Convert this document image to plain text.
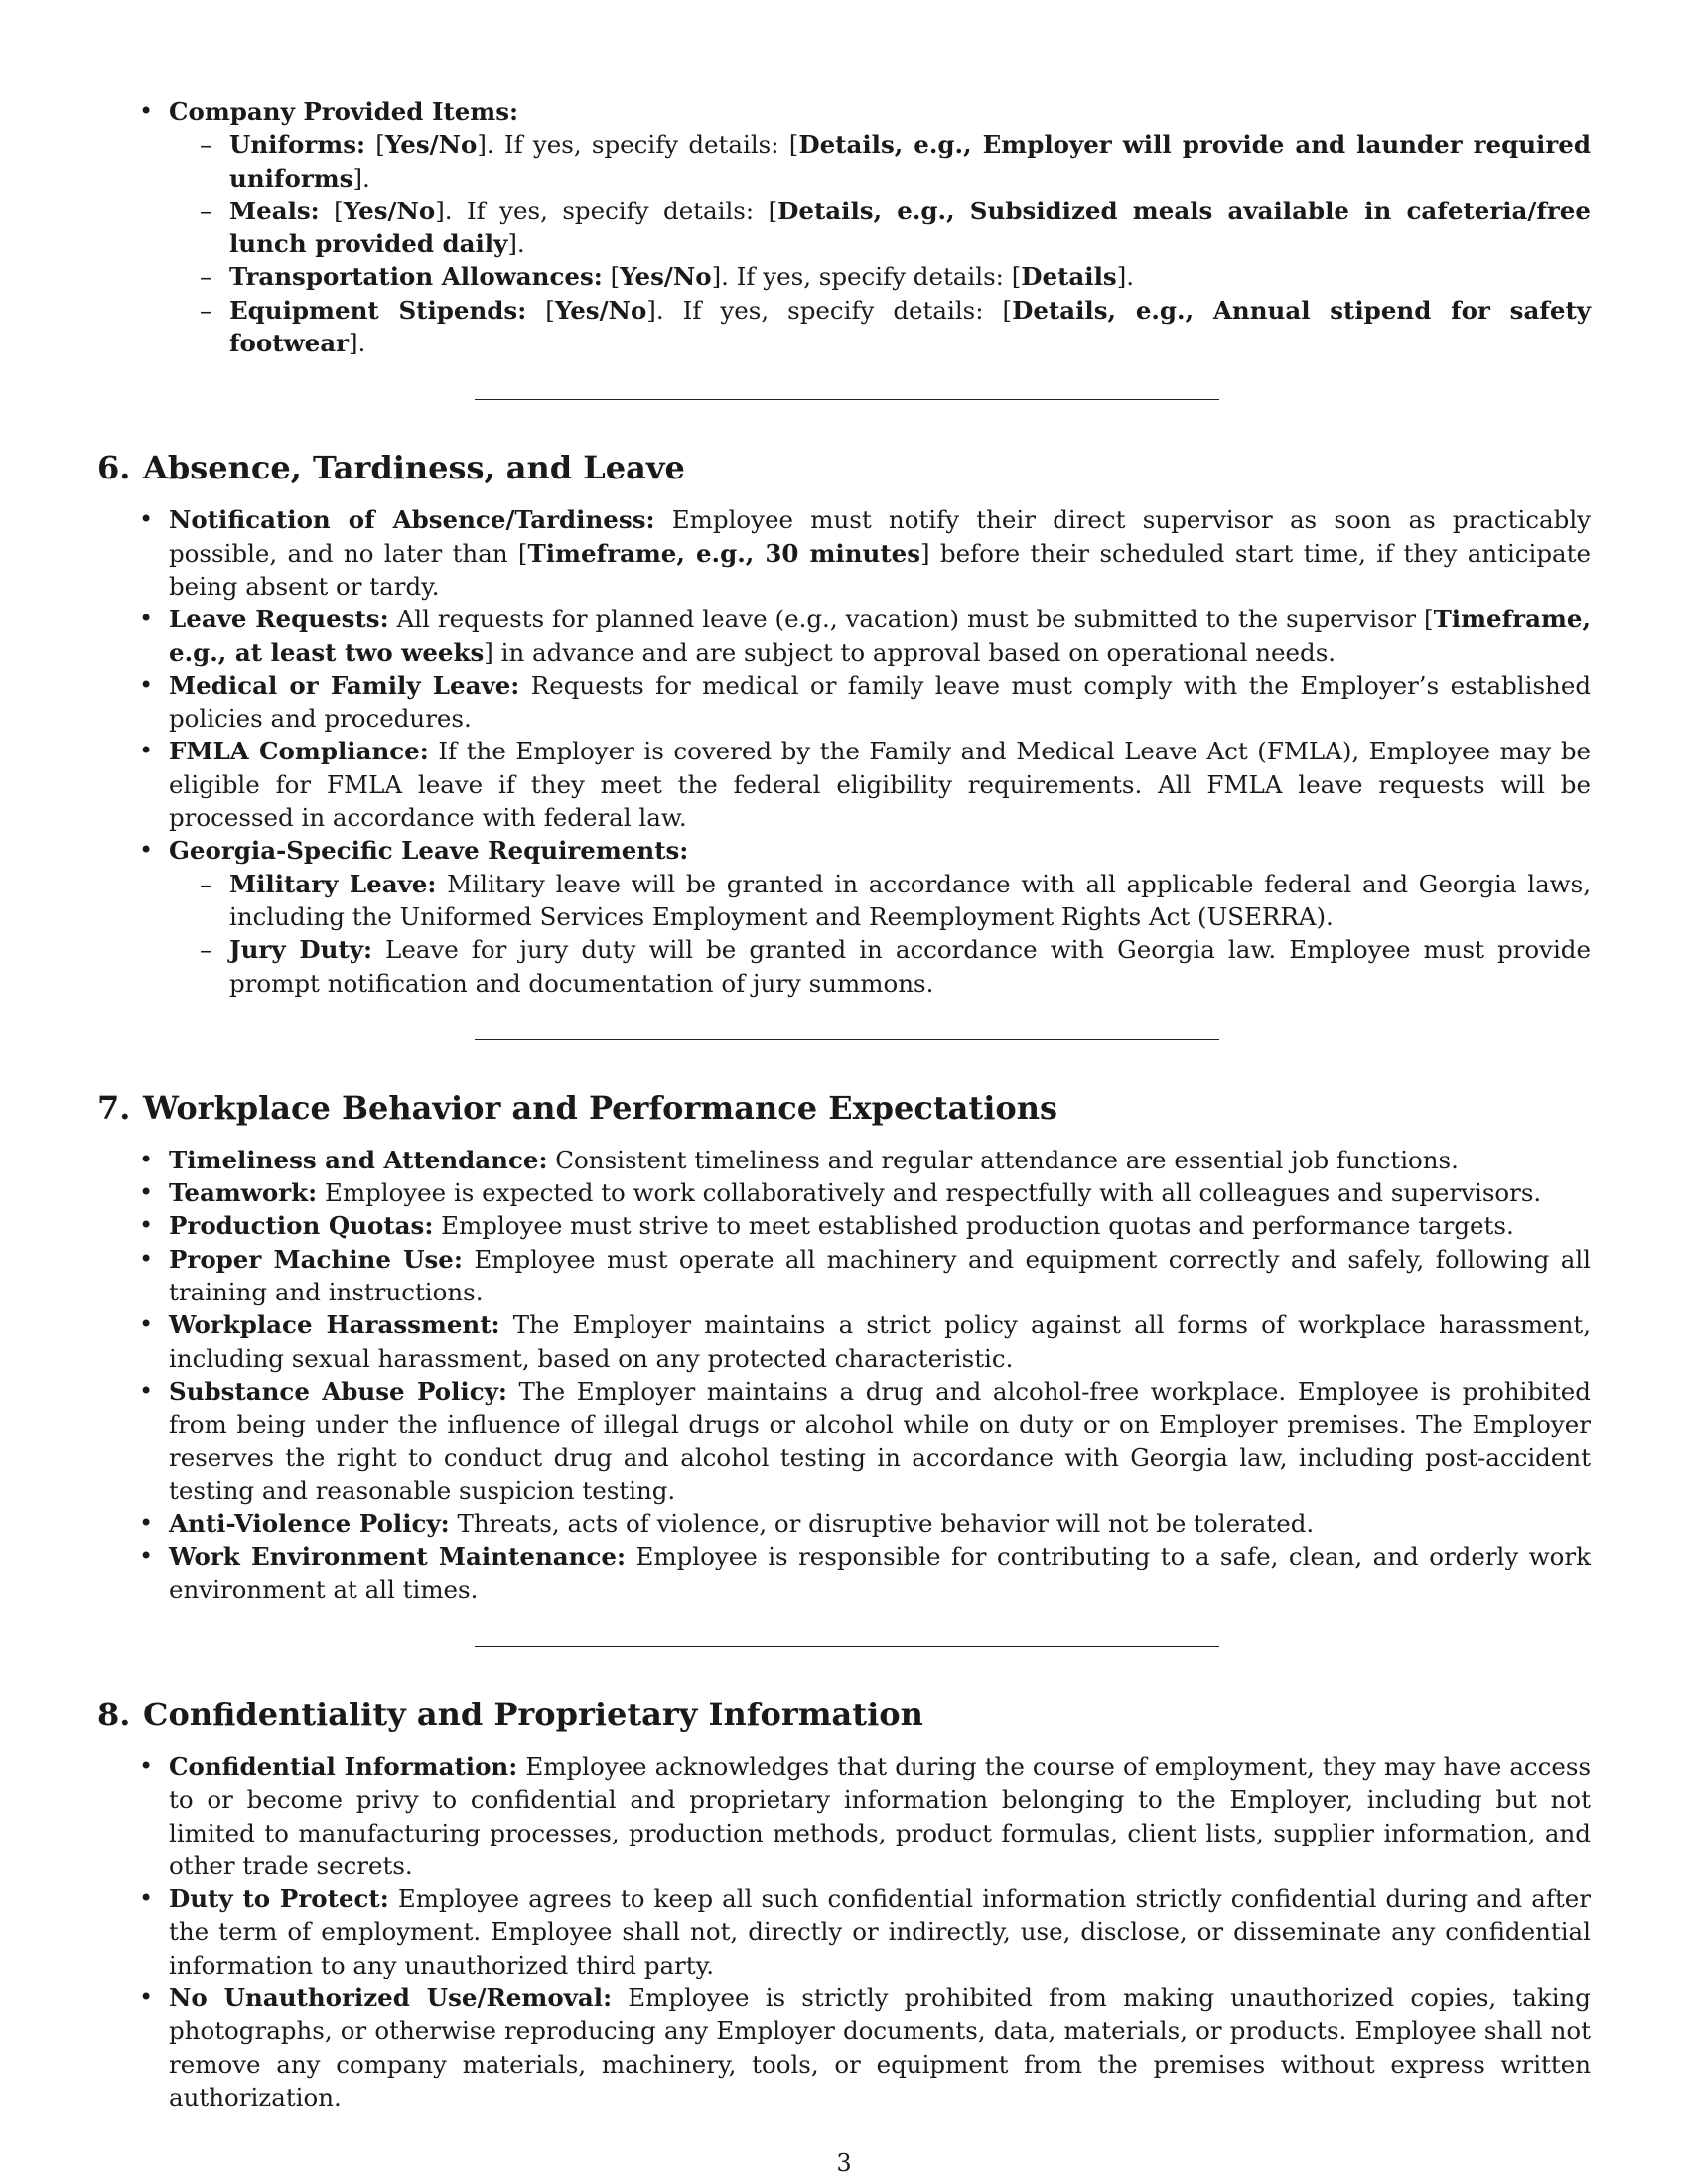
• Company Provided Items:
– Uniforms: [Yes/No]. If yes, specify details: [Details, e.g., Employer will provide and launder required uniforms].
– Meals: [Yes/No]. If yes, specify details: [Details, e.g., Subsidized meals available in cafeteria/free lunch provided daily].
– Transportation Allowances: [Yes/No]. If yes, specify details: [Details].
– Equipment Stipends: [Yes/No]. If yes, specify details: [Details, e.g., Annual stipend for safety footwear].
6. Absence, Tardiness, and Leave
• Notification of Absence/Tardiness: Employee must notify their direct supervisor as soon as practicably possible, and no later than [Timeframe, e.g., 30 minutes] before their scheduled start time, if they anticipate being absent or tardy.
• Leave Requests: All requests for planned leave (e.g., vacation) must be submitted to the supervisor [Timeframe, e.g., at least two weeks] in advance and are subject to approval based on operational needs.
• Medical or Family Leave: Requests for medical or family leave must comply with the Employer’s established policies and procedures.
• FMLA Compliance: If the Employer is covered by the Family and Medical Leave Act (FMLA), Employee may be eligible for FMLA leave if they meet the federal eligibility requirements. All FMLA leave requests will be processed in accordance with federal law.
• Georgia-Specific Leave Requirements:
– Military Leave: Military leave will be granted in accordance with all applicable federal and Georgia laws, including the Uniformed Services Employment and Reemployment Rights Act (USERRA).
– Jury Duty: Leave for jury duty will be granted in accordance with Georgia law. Employee must provide prompt notification and documentation of jury summons.
7. Workplace Behavior and Performance Expectations
• Timeliness and Attendance: Consistent timeliness and regular attendance are essential job functions.
• Teamwork: Employee is expected to work collaboratively and respectfully with all colleagues and supervisors.
• Production Quotas: Employee must strive to meet established production quotas and performance targets.
• Proper Machine Use: Employee must operate all machinery and equipment correctly and safely, following all training and instructions.
• Workplace Harassment: The Employer maintains a strict policy against all forms of workplace harassment, including sexual harassment, based on any protected characteristic.
• Substance Abuse Policy: The Employer maintains a drug and alcohol-free workplace. Employee is prohibited from being under the influence of illegal drugs or alcohol while on duty or on Employer premises. The Employer reserves the right to conduct drug and alcohol testing in accordance with Georgia law, including post-accident testing and reasonable suspicion testing.
• Anti-Violence Policy: Threats, acts of violence, or disruptive behavior will not be tolerated.
• Work Environment Maintenance: Employee is responsible for contributing to a safe, clean, and orderly work environment at all times.
8. Confidentiality and Proprietary Information
• Confidential Information: Employee acknowledges that during the course of employment, they may have access to or become privy to confidential and proprietary information belonging to the Employer, including but not limited to manufacturing processes, production methods, product formulas, client lists, supplier information, and other trade secrets.
• Duty to Protect: Employee agrees to keep all such confidential information strictly confidential during and after the term of employment. Employee shall not, directly or indirectly, use, disclose, or disseminate any confidential information to any unauthorized third party.
• No Unauthorized Use/Removal: Employee is strictly prohibited from making unauthorized copies, taking photographs, or otherwise reproducing any Employer documents, data, materials, or products. Employee shall not remove any company materials, machinery, tools, or equipment from the premises without express written authorization.
3
